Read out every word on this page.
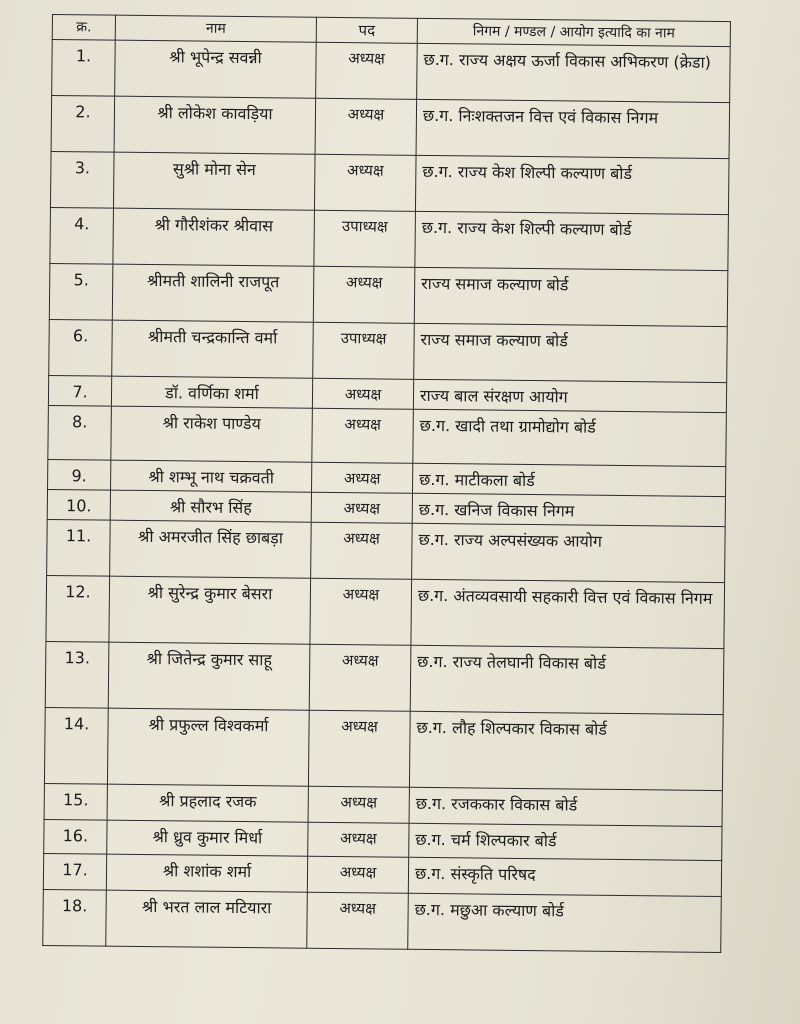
क्र.	नाम	पद	निगम / मण्डल / आयोग इत्यादि का नाम
1.	श्री भूपेन्द्र सवन्नी	अध्यक्ष	छ.ग. राज्य अक्षय ऊर्जा विकास अभिकरण (क्रेडा)
2.	श्री लोकेश कावड़िया	अध्यक्ष	छ.ग. निःशक्तजन वित्त एवं विकास निगम
3.	सुश्री मोना सेन	अध्यक्ष	छ.ग. राज्य केश शिल्पी कल्याण बोर्ड
4.	श्री गौरीशंकर श्रीवास	उपाध्यक्ष	छ.ग. राज्य केश शिल्पी कल्याण बोर्ड
5.	श्रीमती शालिनी राजपूत	अध्यक्ष	राज्य समाज कल्याण बोर्ड
6.	श्रीमती चन्द्रकान्ति वर्मा	उपाध्यक्ष	राज्य समाज कल्याण बोर्ड
7.	डॉ. वर्णिका शर्मा	अध्यक्ष	राज्य बाल संरक्षण आयोग
8.	श्री राकेश पाण्डेय	अध्यक्ष	छ.ग. खादी तथा ग्रामोद्योग बोर्ड
9.	श्री शम्भू नाथ चक्रवती	अध्यक्ष	छ.ग. माटीकला बोर्ड
10.	श्री सौरभ सिंह	अध्यक्ष	छ.ग. खनिज विकास निगम
11.	श्री अमरजीत सिंह छाबड़ा	अध्यक्ष	छ.ग. राज्य अल्पसंख्यक आयोग
12.	श्री सुरेन्द्र कुमार बेसरा	अध्यक्ष	छ.ग. अंतव्यवसायी सहकारी वित्त एवं विकास निगम
13.	श्री जितेन्द्र कुमार साहू	अध्यक्ष	छ.ग. राज्य तेलघानी विकास बोर्ड
14.	श्री प्रफुल्ल विश्वकर्मा	अध्यक्ष	छ.ग. लौह शिल्पकार विकास बोर्ड
15.	श्री प्रहलाद रजक	अध्यक्ष	छ.ग. रजककार विकास बोर्ड
16.	श्री ध्रुव कुमार मिर्धा	अध्यक्ष	छ.ग. चर्म शिल्पकार बोर्ड
17.	श्री शशांक शर्मा	अध्यक्ष	छ.ग. संस्कृति परिषद
18.	श्री भरत लाल मटियारा	अध्यक्ष	छ.ग. मछुआ कल्याण बोर्ड
